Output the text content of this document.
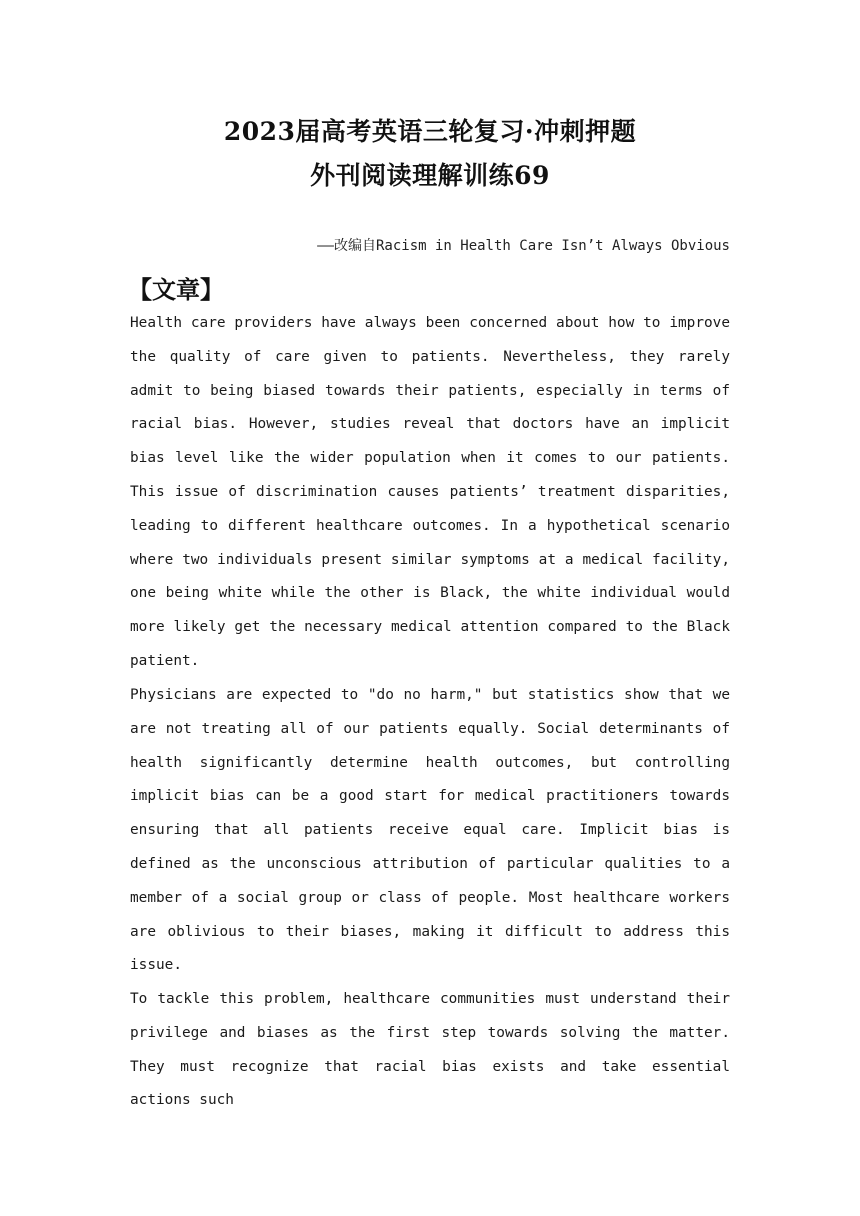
2023届高考英语三轮复习·冲刺押题
外刊阅读理解训练69
——改编自Racism in Health Care Isn’t Always Obvious
【文章】

Health care providers have always been concerned about how to improve the quality of care given to patients. Nevertheless, they rarely admit to being biased towards their patients, especially in terms of racial bias. However, studies reveal that doctors have an implicit bias level like the wider population when it comes to our patients. This issue of discrimination causes patients’ treatment disparities, leading to different healthcare outcomes. In a hypothetical scenario where two individuals present similar symptoms at a medical facility, one being white while the other is Black, the white individual would more likely get the necessary medical attention compared to the Black patient.

Physicians are expected to "do no harm," but statistics show that we are not treating all of our patients equally. Social determinants of health significantly determine health outcomes, but controlling implicit bias can be a good start for medical practitioners towards ensuring that all patients receive equal care. Implicit bias is defined as the unconscious attribution of particular qualities to a member of a social group or class of people. Most healthcare workers are oblivious to their biases, making it difficult to address this issue.

To tackle this problem, healthcare communities must understand their privilege and biases as the first step towards solving the matter. They must recognize that racial bias exists and take essential actions such
